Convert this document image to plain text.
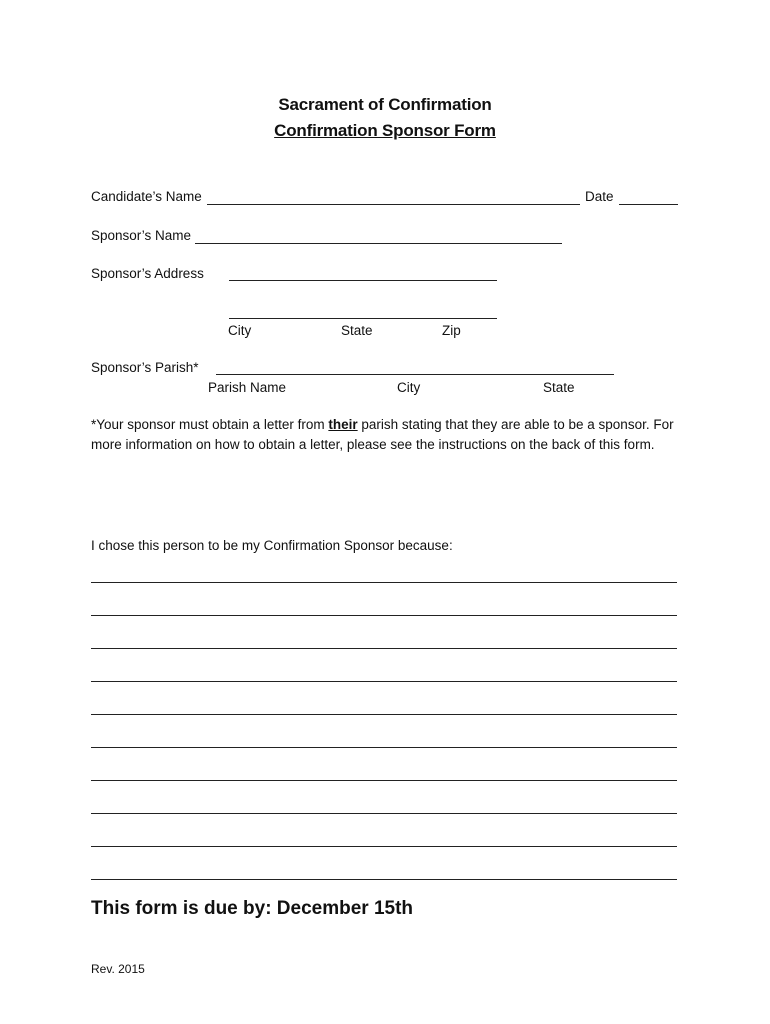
Sacrament of Confirmation
Confirmation Sponsor Form
Candidate’s Name	Date
Sponsor’s Name
Sponsor’s Address
City	State	Zip
Sponsor’s Parish*
Parish Name	City	State
*Your sponsor must obtain a letter from their parish stating that they are able to be a sponsor. For more information on how to obtain a letter, please see the instructions on the back of this form.
I chose this person to be my Confirmation Sponsor because:
This form is due by: December 15th
Rev. 2015
